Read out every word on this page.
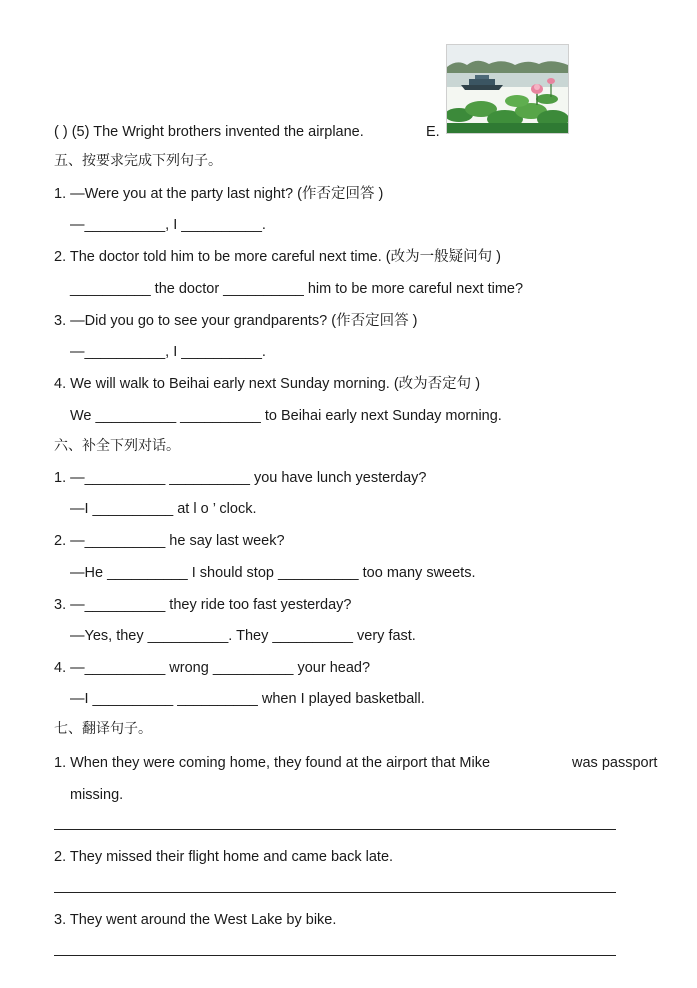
( ) (5) The Wright brothers invented the airplane.	E.
五、按要求完成下列句子。
1. —Were you at the party last night? (作否定回答 )
—__________, I __________.
2. The doctor told him to be more careful next time. (改为一般疑问句 )
__________ the doctor __________ him to be more careful next time?
3. —Did you go to see your grandparents? (作否定回答 )
—__________, I __________.
4. We will walk to Beihai early next Sunday morning. (改为否定句 )
We __________ __________ to Beihai early next Sunday morning.
六、补全下列对话。
1. —__________ __________ you have lunch yesterday?
—I __________ at l o ’ clock.
2. —__________ he say last week?
—He __________ I should stop __________ too many sweets.
3. —__________ they ride too fast yesterday?
—Yes, they __________. They __________ very fast.
4. —__________ wrong __________ your head?
—I __________ __________ when I played basketball.
七、翻译句子。
1. When they were coming home, they found at the airport that Mike	was passport
missing.
2. They missed their flight home and came back late.
3. They went around the West Lake by bike.
